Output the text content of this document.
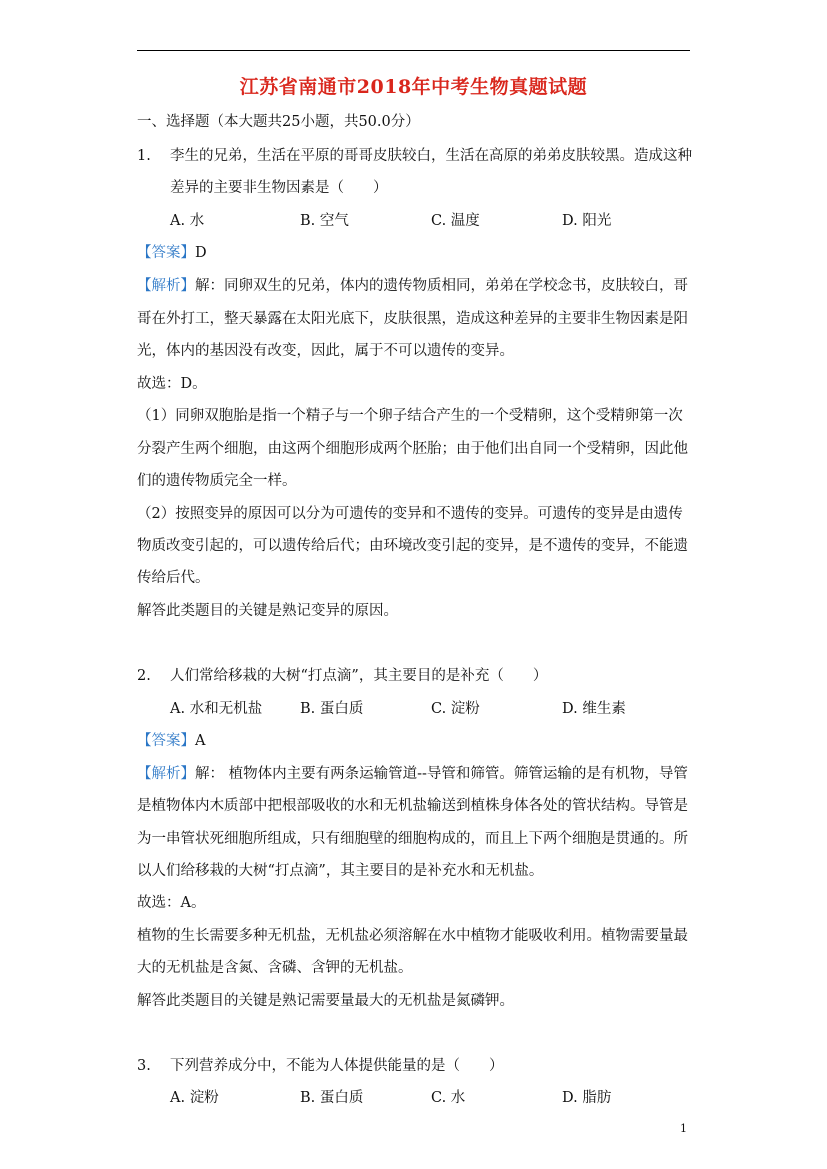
江苏省南通市2018年中考生物真题试题
一、选择题（本大题共25小题，共50.0分）
1. 李生的兄弟，生活在平原的哥哥皮肤较白，生活在高原的弟弟皮肤较黑。造成这种
差异的主要非生物因素是（　　）
A. 水	B. 空气	C. 温度	D. 阳光
【答案】D
【解析】解：同卵双生的兄弟，体内的遗传物质相同，弟弟在学校念书，皮肤较白，哥
哥在外打工，整天暴露在太阳光底下，皮肤很黑，造成这种差异的主要非生物因素是阳
光，体内的基因没有改变，因此，属于不可以遗传的变异。
故选：D。
（1）同卵双胞胎是指一个精子与一个卵子结合产生的一个受精卵，这个受精卵第一次
分裂产生两个细胞，由这两个细胞形成两个胚胎；由于他们出自同一个受精卵，因此他
们的遗传物质完全一样。
（2）按照变异的原因可以分为可遗传的变异和不遗传的变异。可遗传的变异是由遗传
物质改变引起的，可以遗传给后代；由环境改变引起的变异，是不遗传的变异，不能遗
传给后代。
解答此类题目的关键是熟记变异的原因。
2. 人们常给移栽的大树“打点滴”，其主要目的是补充（　　）
A. 水和无机盐	B. 蛋白质	C. 淀粉	D. 维生素
【答案】A
【解析】解： 植物体内主要有两条运输管道--导管和筛管。筛管运输的是有机物，导管
是植物体内木质部中把根部吸收的水和无机盐输送到植株身体各处的管状结构。导管是
为一串管状死细胞所组成，只有细胞壁的细胞构成的，而且上下两个细胞是贯通的。所
以人们给移栽的大树“打点滴”，其主要目的是补充水和无机盐。
故选：A。
植物的生长需要多种无机盐，无机盐必须溶解在水中植物才能吸收利用。植物需要量最
大的无机盐是含氮、含磷、含钾的无机盐。
解答此类题目的关键是熟记需要量最大的无机盐是氮磷钾。
3. 下列营养成分中，不能为人体提供能量的是（　　）
A. 淀粉	B. 蛋白质	C. 水	D. 脂肪
1
